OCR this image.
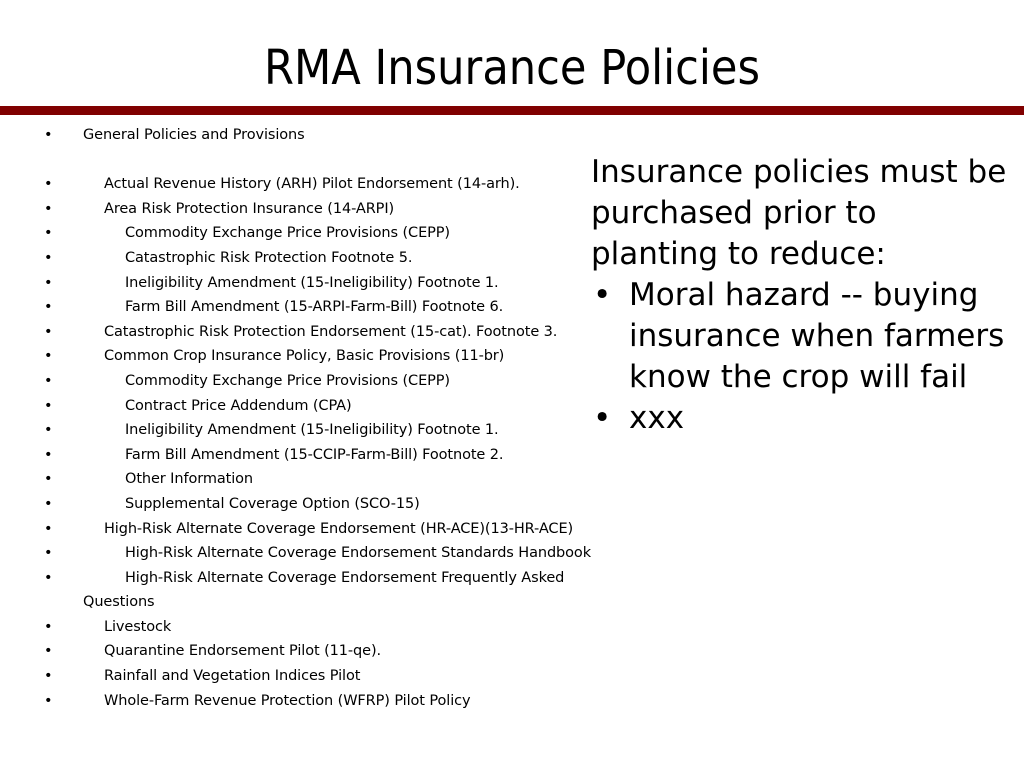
RMA Insurance Policies
• General Policies and Provisions
•	Actual Revenue History (ARH) Pilot Endorsement (14-arh).
•	Area Risk Protection Insurance (14-ARPI)
•	Commodity Exchange Price Provisions (CEPP)
•	Catastrophic Risk Protection Footnote 5.
•	Ineligibility Amendment (15-Ineligibility) Footnote 1.
•	Farm Bill Amendment (15-ARPI-Farm-Bill) Footnote 6.
•	Catastrophic Risk Protection Endorsement (15-cat). Footnote 3.
•	Common Crop Insurance Policy, Basic Provisions (11-br)
•	Commodity Exchange Price Provisions (CEPP)
•	Contract Price Addendum (CPA)
•	Ineligibility Amendment (15-Ineligibility) Footnote 1.
•	Farm Bill Amendment (15-CCIP-Farm-Bill) Footnote 2.
•	Other Information
•	Supplemental Coverage Option (SCO-15)
•	High-Risk Alternate Coverage Endorsement (HR-ACE)(13-HR-ACE)
•	High-Risk Alternate Coverage Endorsement Standards Handbook
•	High-Risk Alternate Coverage Endorsement Frequently Asked
Questions
•	Livestock
•	Quarantine Endorsement Pilot (11-qe).
•	Rainfall and Vegetation Indices Pilot
•	Whole-Farm Revenue Protection (WFRP) Pilot Policy
Insurance policies must be purchased prior to planting to reduce:
• Moral hazard -- buying insurance when farmers know the crop will fail
• xxx
